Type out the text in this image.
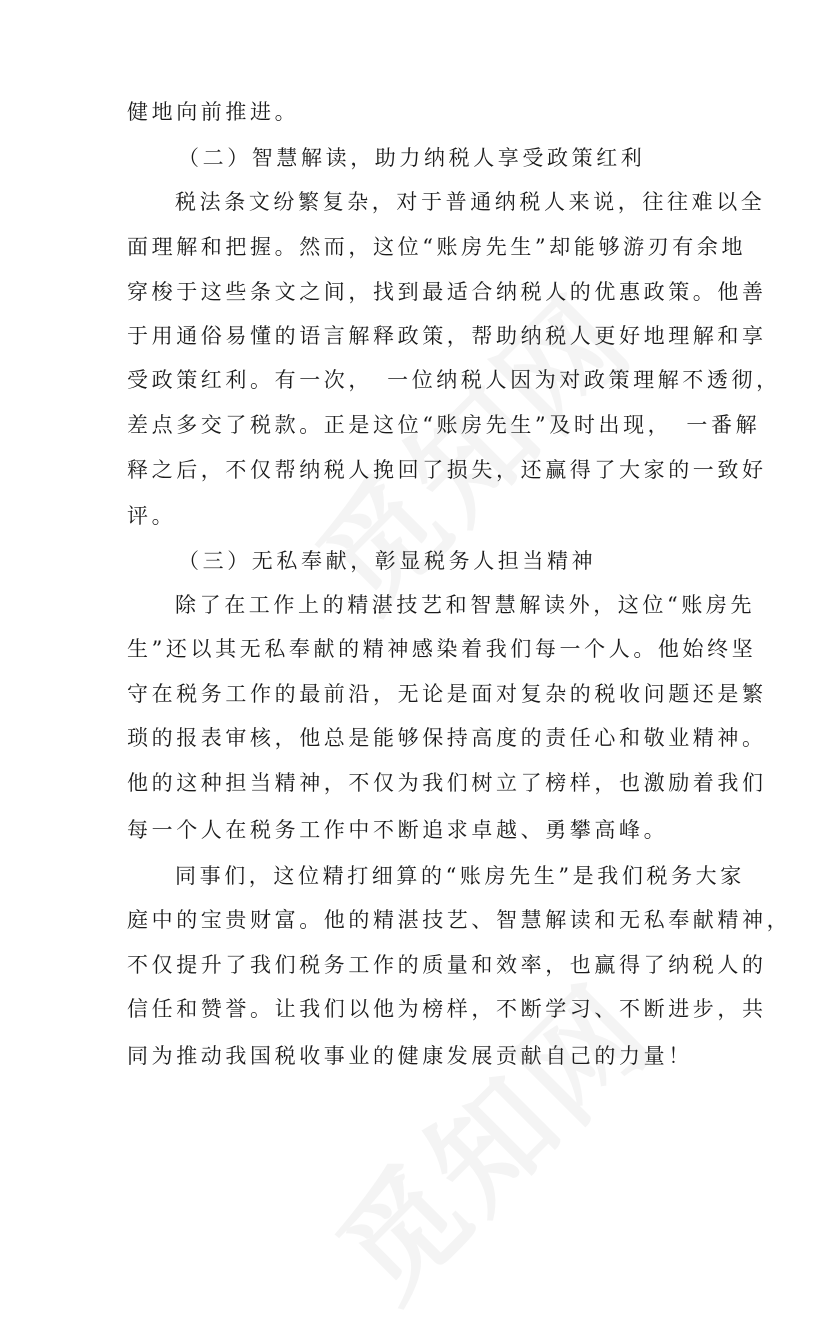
健地向前推进。
（二）智慧解读，助力纳税人享受政策红利
税法条文纷繁复杂，对于普通纳税人来说，往往难以全
面理解和把握。然而，这位“账房先生”却能够游刃有余地
穿梭于这些条文之间，找到最适合纳税人的优惠政策。他善
于用通俗易懂的语言解释政策，帮助纳税人更好地理解和享
受政策红利。有一次，　一位纳税人因为对政策理解不透彻，
差点多交了税款。正是这位“账房先生”及时出现，　一番解
释之后，不仅帮纳税人挽回了损失，还赢得了大家的一致好
评。
（三）无私奉献，彰显税务人担当精神
除了在工作上的精湛技艺和智慧解读外，这位“账房先
生”还以其无私奉献的精神感染着我们每一个人。他始终坚
守在税务工作的最前沿，无论是面对复杂的税收问题还是繁
琐的报表审核，他总是能够保持高度的责任心和敬业精神。
他的这种担当精神，不仅为我们树立了榜样，也激励着我们
每一个人在税务工作中不断追求卓越、勇攀高峰。
同事们，这位精打细算的“账房先生”是我们税务大家
庭中的宝贵财富。他的精湛技艺、智慧解读和无私奉献精神，
不仅提升了我们税务工作的质量和效率，也赢得了纳税人的
信任和赞誉。让我们以他为榜样，不断学习、不断进步，共
同为推动我国税收事业的健康发展贡献自己的力量！
